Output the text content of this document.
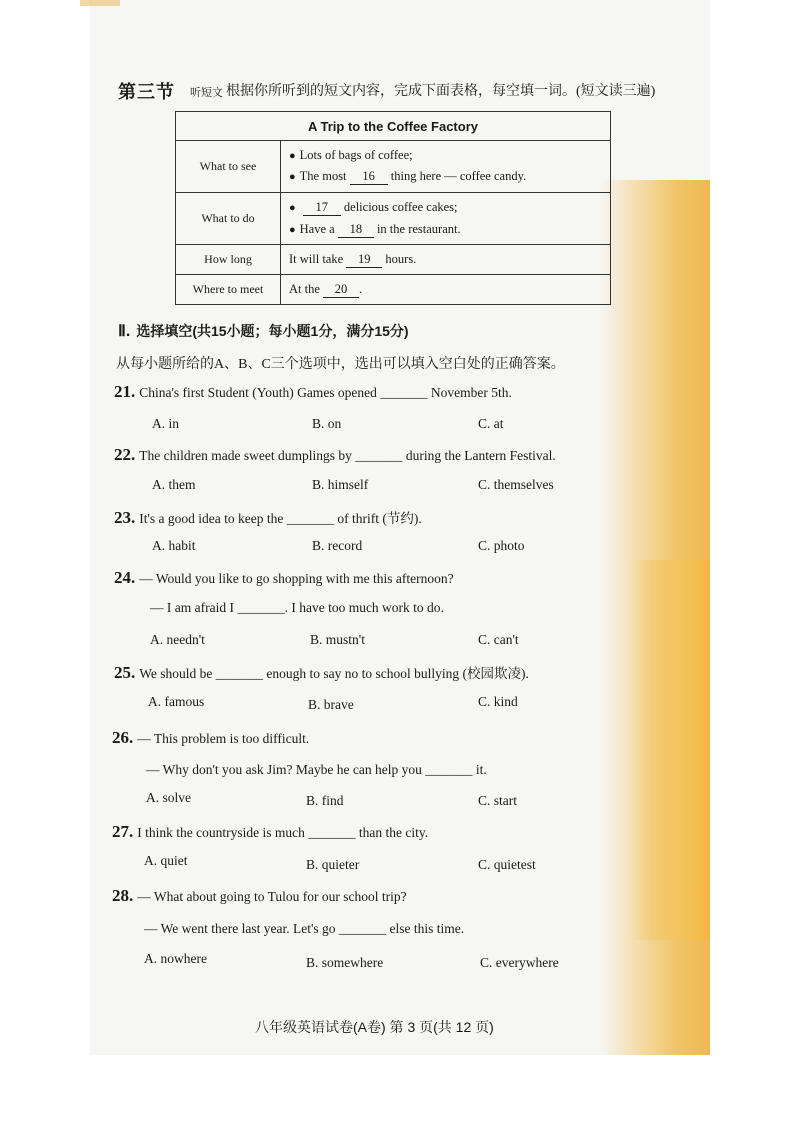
第三节 听短文 根据你所听到的短文内容，完成下面表格，每空填一词。(短文读三遍)
A Trip to the Coffee Factory	
What to see	● Lots of bags of coffee;
● The most 16 thing here — coffee candy.

What to do	● 17 delicious coffee cakes;
● Have a 18 in the restaurant.

How long	It will take 19 hours.
Where to meet	At the 20 .
Ⅱ. 选择填空(共15小题；每小题1分，满分15分)
从每小题所给的A、B、C三个选项中，选出可以填入空白处的正确答案。
21. China's first Student (Youth) Games opened _______ November 5th.
A. in	B. on	C. at
22. The children made sweet dumplings by _______ during the Lantern Festival.
A. them	B. himself	C. themselves
23. It's a good idea to keep the _______ of thrift (节约).
A. habit	B. record	C. photo
24. — Would you like to go shopping with me this afternoon?
— I am afraid I _______. I have too much work to do.
A. needn't	B. mustn't	C. can't
25. We should be _______ enough to say no to school bullying (校园欺凌).
A. famous	B. brave	C. kind
26. — This problem is too difficult.
— Why don't you ask Jim? Maybe he can help you _______ it.
A. solve	B. find	C. start
27. I think the countryside is much _______ than the city.
A. quiet	B. quieter	C. quietest
28. — What about going to Tulou for our school trip?
— We went there last year. Let's go _______ else this time.
A. nowhere	B. somewhere	C. everywhere
八年级英语试卷(A卷) 第 3 页(共 12 页)
